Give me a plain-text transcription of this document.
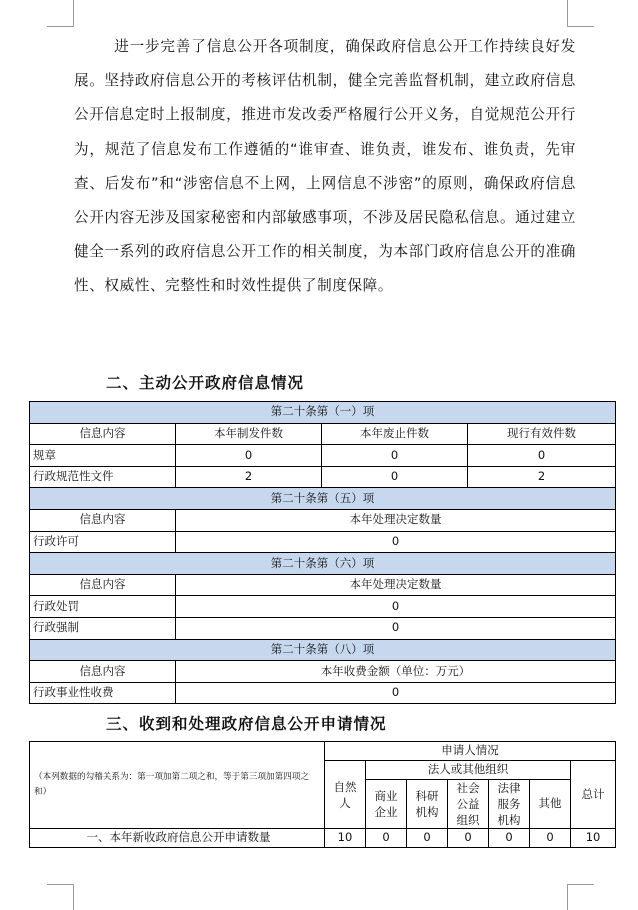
进一步完善了信息公开各项制度，确保政府信息公开工作持续良好发展。坚持政府信息公开的考核评估机制，健全完善监督机制，建立政府信息公开信息定时上报制度，推进市发改委严格履行公开义务，自觉规范公开行为，规范了信息发布工作遵循的“谁审查、谁负责，谁发布、谁负责，先审查、后发布”和“涉密信息不上网，上网信息不涉密”的原则，确保政府信息公开内容无涉及国家秘密和内部敏感事项，不涉及居民隐私信息。通过建立健全一系列的政府信息公开工作的相关制度，为本部门政府信息公开的准确性、权威性、完整性和时效性提供了制度保障。

二、主动公开政府信息情况
第二十条第（一）项			
信息内容	本年制发件数	本年废止件数	现行有效件数
规章	0	0	0
行政规范性文件	2	0	2
第二十条第（五）项			
信息内容	本年处理决定数量		
行政许可	0		
第二十条第（六）项			
信息内容	本年处理决定数量		
行政处罚	0		
行政强制	0		
第二十条第（八）项			
信息内容	本年收费金额（单位：万元）		
行政事业性收费	0		
三、收到和处理政府信息公开申请情况
（本列数据的勾稽关系为：第一项加第二项之和，等于第三项加第四项之和）	申请人情况						
	自然人	法人或其他组织					总计
		商业企业	科研机构	社会公益组织	法律服务机构	其他	
一、本年新收政府信息公开申请数量	10	0	0	0	0	0	10
